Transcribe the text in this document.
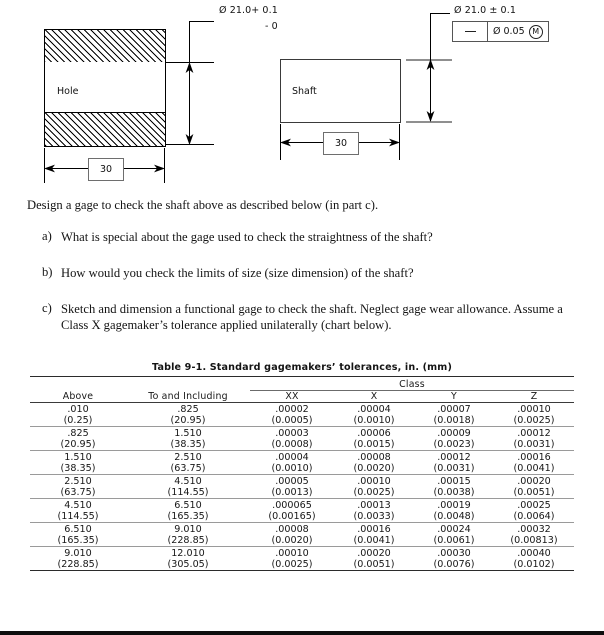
Hole
Ø 21.0+ 0.1
- 0
30
Shaft
Ø 21.0 ± 0.1
Ø 0.05 M
30
Design a gage to check the shaft above as described below (in part c).
a) What is special about the gage used to check the straightness of the shaft?
b) How would you check the limits of size (size dimension) of the shaft?
c) Sketch and dimension a functional gage to check the shaft. Neglect gage wear allowance. Assume a Class X gagemaker’s tolerance applied unilaterally (chart below).
Table 9-1. Standard gagemakers’ tolerances, in. (mm)

		Class			
Above	To and Including	XX	X	Y	Z

.010	.825	.00002	.00004	.00007	.00010
(0.25)	(20.95)	(0.0005)	(0.0010)	(0.0018)	(0.0025)

.825	1.510	.00003	.00006	.00009	.00012
(20.95)	(38.35)	(0.0008)	(0.0015)	(0.0023)	(0.0031)

1.510	2.510	.00004	.00008	.00012	.00016
(38.35)	(63.75)	(0.0010)	(0.0020)	(0.0031)	(0.0041)

2.510	4.510	.00005	.00010	.00015	.00020
(63.75)	(114.55)	(0.0013)	(0.0025)	(0.0038)	(0.0051)

4.510	6.510	.000065	.00013	.00019	.00025
(114.55)	(165.35)	(0.00165)	(0.0033)	(0.0048)	(0.0064)

6.510	9.010	.00008	.00016	.00024	.00032
(165.35)	(228.85)	(0.0020)	(0.0041)	(0.0061)	(0.00813)

9.010	12.010	.00010	.00020	.00030	.00040
(228.85)	(305.05)	(0.0025)	(0.0051)	(0.0076)	(0.0102)
